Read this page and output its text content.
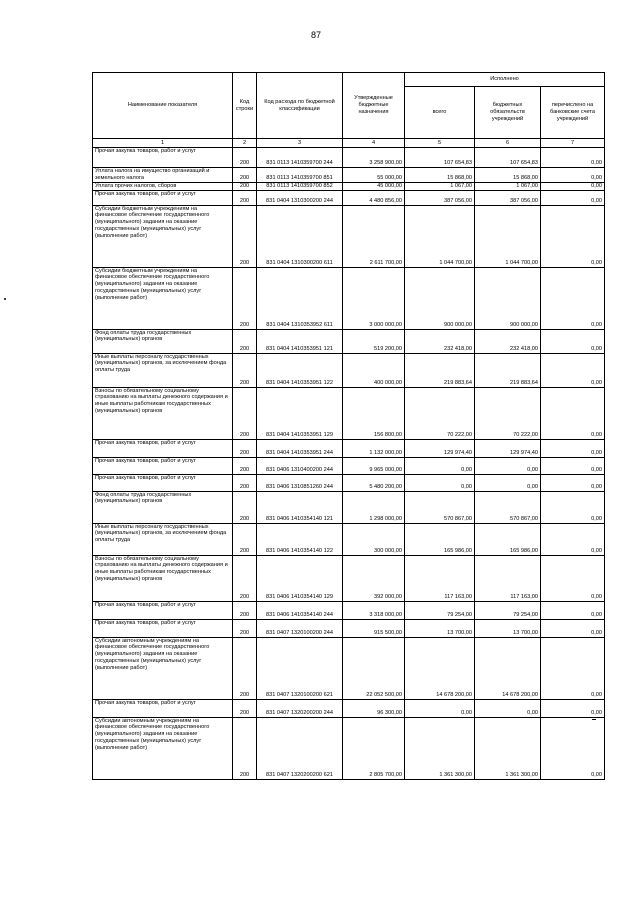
87
Наименование показателя	Код строки	Код расхода по бюджетной классификации	Утвержденные бюджетные назначения	Исполнено		
				всего	бюджетных обязательств учреждений	перечислено на банковские счета учреждений
1	2	3	4	5	6	7
Прочая закупка товаров, работ и услуг	200	831 0113 1410359700 244	3 258 900,00	107 654,83	107 654,83	0,00
Уплата налога на имущество организаций и земельного налога	200	831 0113 1410359700 851	55 000,00	15 868,00	15 868,00	0,00
Уплата прочих налогов, сборов	200	831 0113 1410359700 852	45 000,00	1 067,00	1 067,00	0,00
Прочая закупка товаров, работ и услуг	200	831 0404 1310300200 244	4 480 856,00	387 056,00	387 056,00	0,00
Субсидии бюджетным учреждениям на финансовое обеспечение государственного (муниципального) задания на оказание государственных (муниципальных) услуг (выполнение работ)	200	831 0404 1310300200 611	2 611 700,00	1 044 700,00	1 044 700,00	0,00
Субсидии бюджетным учреждениям на финансовое обеспечение государственного (муниципального) задания на оказание государственных (муниципальных) услуг (выполнение работ)	200	831 0404 1310353952 611	3 000 000,00	900 000,00	900 000,00	0,00
Фонд оплаты труда государственных (муниципальных) органов	200	831 0404 1410353951 121	519 200,00	232 418,00	232 418,00	0,00
Иные выплаты персоналу государственных (муниципальных) органов, за исключением фонда оплаты труда	200	831 0404 1410353951 122	400 000,00	219 883,64	219 883,64	0,00
Взносы по обязательному социальному страхованию на выплаты денежного содержания и иные выплаты работникам государственных (муниципальных) органов	200	831 0404 1410353951 129	156 800,00	70 222,00	70 222,00	0,00
Прочая закупка товаров, работ и услуг	200	831 0404 1410353951 244	1 132 000,00	129 974,40	129 974,40	0,00
Прочая закупка товаров, работ и услуг	200	831 0406 1310400200 244	9 965 000,00	0,00	0,00	0,00
Прочая закупка товаров, работ и услуг	200	831 0406 1310851260 244	5 480 200,00	0,00	0,00	0,00
Фонд оплаты труда государственных (муниципальных) органов	200	831 0406 1410354140 121	1 298 000,00	570 867,00	570 867,00	0,00
Иные выплаты персоналу государственных (муниципальных) органов, за исключением фонда оплаты труда	200	831 0406 1410354140 122	300 000,00	165 986,00	165 986,00	0,00
Взносы по обязательному социальному страхованию на выплаты денежного содержания и иные выплаты работникам государственных (муниципальных) органов	200	831 0406 1410354140 129	392 000,00	117 163,00	117 163,00	0,00
Прочая закупка товаров, работ и услуг	200	831 0406 1410354140 244	3 318 000,00	79 254,00	79 254,00	0,00
Прочая закупка товаров, работ и услуг	200	831 0407 1320100200 244	915 500,00	13 700,00	13 700,00	0,00
Субсидии автономным учреждениям на финансовое обеспечение государственного (муниципального) задания на оказание государственных (муниципальных) услуг (выполнение работ)	200	831 0407 1320100200 621	22 052 500,00	14 678 200,00	14 678 200,00	0,00
Прочая закупка товаров, работ и услуг	200	831 0407 1320200200 244	96 300,00	0,00	0,00	0,00
Субсидии автономным учреждениям на финансовое обеспечение государственного (муниципального) задания на оказание государственных (муниципальных) услуг (выполнение работ)	200	831 0407 1320200200 621	2 805 700,00	1 361 300,00	1 361 300,00	0,00
